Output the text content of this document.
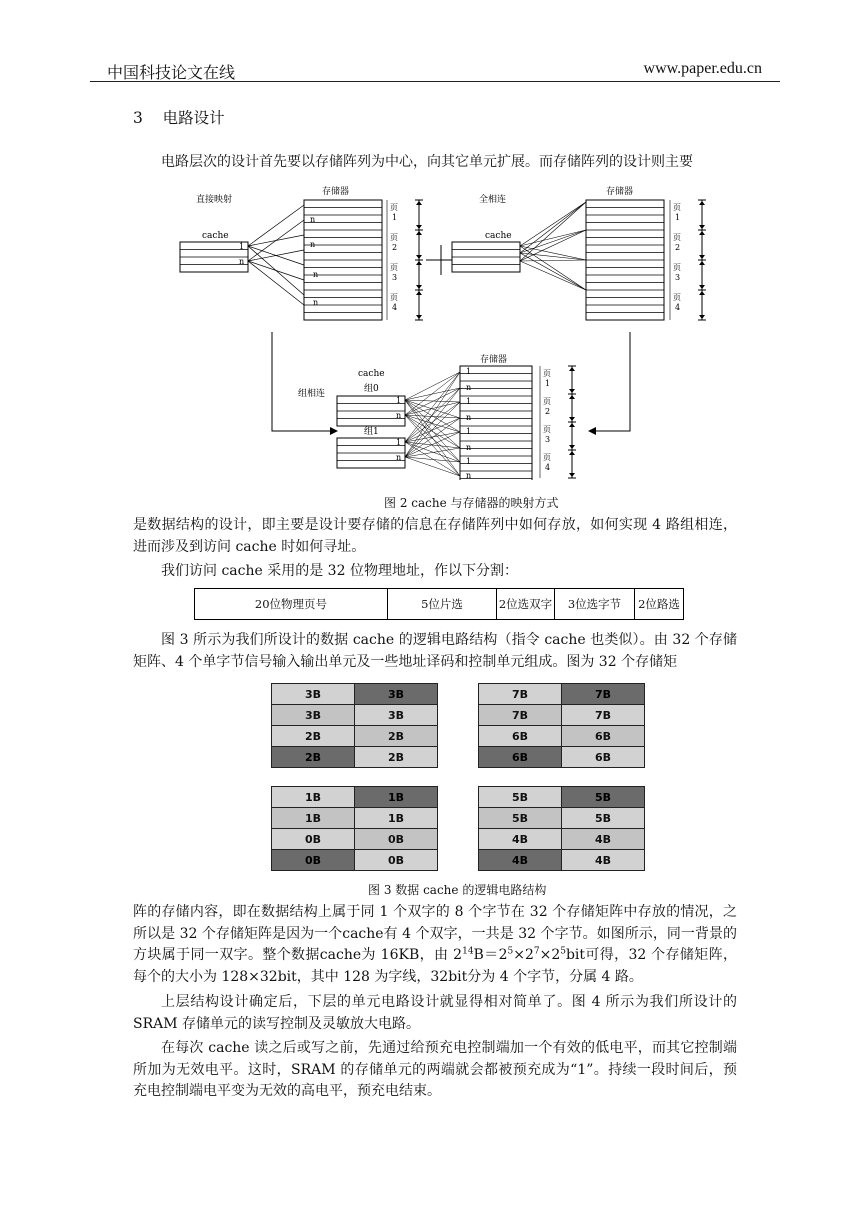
中国科技论文在线	www.paper.edu.cn
3 电路设计
电路层次的设计首先要以存储阵列为中心，向其它单元扩展。而存储阵列的设计则主要
直接映射
存储器
cache
1
n
n
n
n
n
页
1
页
2
页
3
页
4
全相连
存储器
cache
页
1
页
2
页
3
页
4
组相连
存储器
cache
组0
组1
1
n
1
n
1
n
1
n
1
n
1
n
页
1
页
2
页
3
页
4
图 2 cache 与存储器的映射方式
是数据结构的设计，即主要是设计要存储的信息在存储阵列中如何存放，如何实现 4 路组相连，进而涉及到访问 cache 时如何寻址。
我们访问 cache 采用的是 32 位物理地址，作以下分割：
20位物理页号	5位片选	2位选双字	3位选字节	2位路选
图 3 所示为我们所设计的数据 cache 的逻辑电路结构（指令 cache 也类似）。由 32 个存储矩阵、4 个单字节信号输入输出单元及一些地址译码和控制单元组成。图为 32 个存储矩
3B	3B
3B	3B
2B	2B
2B	2B
7B	7B
7B	7B
6B	6B
6B	6B
1B	1B
1B	1B
0B	0B
0B	0B
5B	5B
5B	5B
4B	4B
4B	4B
图 3 数据 cache 的逻辑电路结构
阵的存储内容，即在数据结构上属于同 1 个双字的 8 个字节在 32 个存储矩阵中存放的情况，之所以是 32 个存储矩阵是因为一个cache有 4 个双字，一共是 32 个字节。如图所示，同一背景的方块属于同一双字。整个数据cache为 16KB，由 $2^{14}B=2^5\times 2^7\times 2^5bit$可得，32 个存储矩阵，每个的大小为 128×32bit，其中 128 为字线，32bit分为 4 个字节，分属 4 路。
上层结构设计确定后，下层的单元电路设计就显得相对简单了。图 4 所示为我们所设计的 SRAM 存储单元的读写控制及灵敏放大电路。
在每次 cache 读之后或写之前，先通过给预充电控制端加一个有效的低电平，而其它控制端所加为无效电平。这时，SRAM 的存储单元的两端就会都被预充成为“1”。持续一段时间后，预充电控制端电平变为无效的高电平，预充电结束。
